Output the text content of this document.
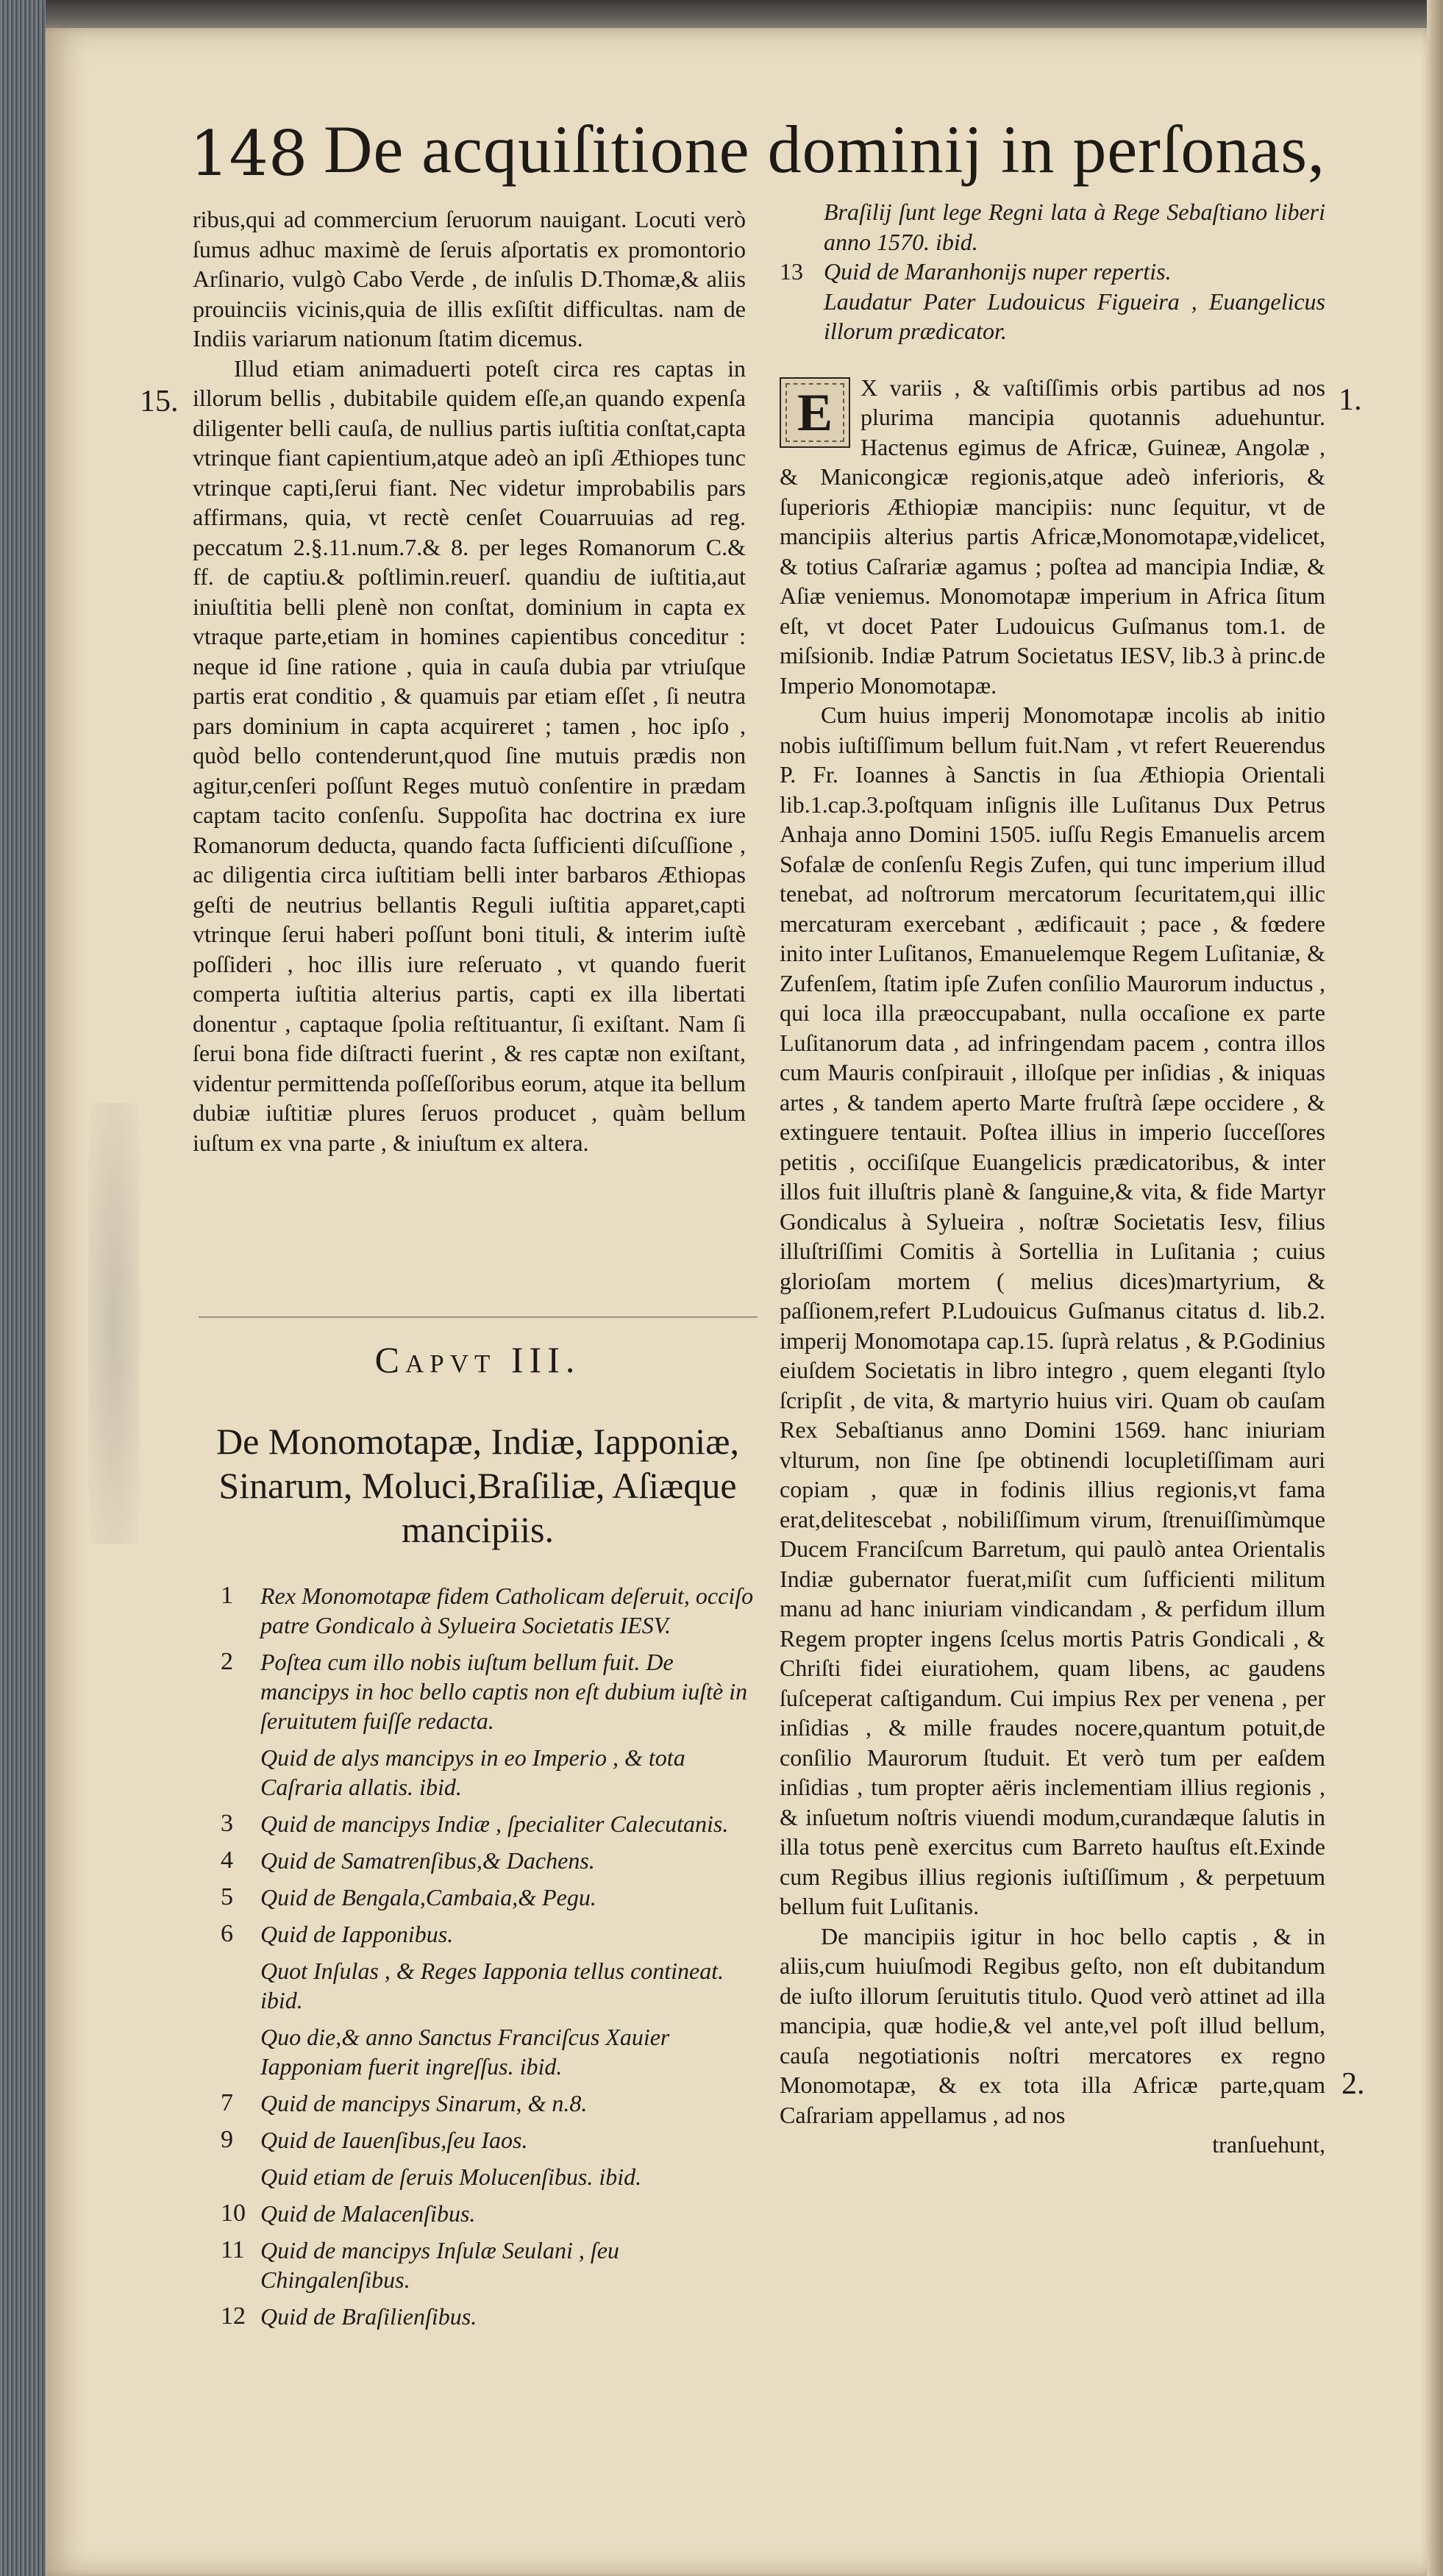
148 De acquiſitione dominij in perſonas,
15.

ribus,qui ad commercium ſeruorum nauigant. Locuti verò ſumus adhuc maximè de ſeruis aſportatis ex promontorio Arſinario, vulgò Cabo Verde , de inſulis D.Thomæ,& aliis prouinciis vicinis,quia de illis exſiſtit difficultas. nam de Indiis variarum nationum ſtatim dicemus.

Illud etiam animaduerti poteſt circa res captas in illorum bellis , dubitabile quidem eſſe,an quando expenſa diligenter belli cauſa, de nullius partis iuſtitia conſtat,capta vtrinque fiant capientium,atque adeò an ipſi Æthiopes tunc vtrinque capti,ſerui fiant. Nec videtur improbabilis pars affirmans, quia, vt rectè cenſet Couarruuias ad reg. peccatum 2.§.11.num.7.& 8. per leges Romanorum C.& ff. de captiu.& poſtlimin.reuerſ. quandiu de iuſtitia,aut iniuſtitia belli plenè non conſtat, dominium in capta ex vtraque parte,etiam in homines capientibus conceditur : neque id ſine ratione , quia in cauſa dubia par vtriuſque partis erat conditio , & quamuis par etiam eſſet , ſi neutra pars dominium in capta acquireret ; tamen , hoc ipſo , quòd bello contenderunt,quod ſine mutuis prædis non agitur,cenſeri poſſunt Reges mutuò conſentire in prædam captam tacito conſenſu. Suppoſita hac doctrina ex iure Romanorum deducta, quando facta ſufficienti diſcuſſione , ac diligentia circa iuſtitiam belli inter barbaros Æthiopas geſti de neutrius bellantis Reguli iuſtitia apparet,capti vtrinque ſerui haberi poſſunt boni tituli, & interim iuſtè poſſideri , hoc illis iure reſeruato , vt quando fuerit comperta iuſtitia alterius partis, capti ex illa libertati donentur , captaque ſpolia reſtituantur, ſi exiſtant. Nam ſi ſerui bona fide diſtracti fuerint , & res captæ non exiſtant, videntur permittenda poſſeſſoribus eorum, atque ita bellum dubiæ iuſtitiæ plures ſeruos producet , quàm bellum iuſtum ex vna parte , & iniuſtum ex altera.

Capvt III.
De Monomotapæ, Indiæ, Iapponiæ, Sinarum, Moluci,Braſiliæ, Aſiæque mancipiis.
1 Rex Monomotapæ fidem Catholicam deſeruit, occiſo patre Gondicalo à Sylueira Societatis IESV.
2 Poſtea cum illo nobis iuſtum bellum fuit. De mancipys in hoc bello captis non eſt dubium iuſtè in ſeruitutem fuiſſe redacta.
Quid de alys mancipys in eo Imperio , & tota Caſraria allatis. ibid.
3 Quid de mancipys Indiæ , ſpecialiter Calecutanis.
4 Quid de Samatrenſibus,& Dachens.
5 Quid de Bengala,Cambaia,& Pegu.
6 Quid de Iapponibus.
Quot Inſulas , & Reges Iapponia tellus contineat. ibid.
Quo die,& anno Sanctus Franciſcus Xauier Iapponiam fuerit ingreſſus. ibid.
7 Quid de mancipys Sinarum, & n.8.
9 Quid de Iauenſibus,ſeu Iaos.
Quid etiam de ſeruis Molucenſibus. ibid.
10 Quid de Malacenſibus.
11 Quid de mancipys Inſulæ Seulani , ſeu Chingalenſibus.
12 Quid de Braſilienſibus.
1.
2.

Braſilij ſunt lege Regni lata à Rege Sebaſtiano liberi anno 1570. ibid.

13 Quid de Maranhonijs nuper repertis.

Laudatur Pater Ludouicus Figueira , Euangelicus illorum prædicator.

E	X variis , & vaſtiſſimis orbis partibus ad nos plurima mancipia quotannis aduehuntur. Hactenus egimus de Africæ, Guineæ, Angolæ , & Manicongicæ regionis,atque adeò inferioris, & ſuperioris Æthiopiæ mancipiis: nunc ſequitur, vt de mancipiis alterius partis Africæ,Monomotapæ,videlicet, & totius Caſrariæ agamus ; poſtea ad mancipia Indiæ, & Aſiæ veniemus. Monomotapæ imperium in Africa ſitum eſt, vt docet Pater Ludouicus Guſmanus tom.1. de miſsionib. Indiæ Patrum Societatus IESV, lib.3 à princ.de Imperio Monomotapæ.

Cum huius imperij Monomotapæ incolis ab initio nobis iuſtiſſimum bellum fuit.Nam , vt refert Reuerendus P. Fr. Ioannes à Sanctis in ſua Æthiopia Orientali lib.1.cap.3.poſtquam inſignis ille Luſitanus Dux Petrus Anhaja anno Domini 1505. iuſſu Regis Emanuelis arcem Sofalæ de conſenſu Regis Zufen, qui tunc imperium illud tenebat, ad noſtrorum mercatorum ſecuritatem,qui illic mercaturam exercebant , ædificauit ; pace , & fœdere inito inter Luſitanos, Emanuelemque Regem Luſitaniæ, & Zufenſem, ſtatim ipſe Zufen conſilio Maurorum inductus , qui loca illa præoccupabant, nulla occaſione ex parte Luſitanorum data , ad infringendam pacem , contra illos cum Mauris conſpirauit , illoſque per inſidias , & iniquas artes , & tandem aperto Marte fruſtrà ſæpe occidere , & extinguere tentauit. Poſtea illius in imperio ſucceſſores petitis , occiſiſque Euangelicis prædicatoribus, & inter illos fuit illuſtris planè & ſanguine,& vita, & fide Martyr Gondicalus à Sylueira , noſtræ Societatis Iesv, filius illuſtriſſimi Comitis à Sortellia in Luſitania ; cuius glorioſam mortem ( melius dices)martyrium, & paſſionem,refert P.Ludouicus Guſmanus citatus d. lib.2. imperij Monomotapa cap.15. ſuprà relatus , & P.Godinius eiuſdem Societatis in libro integro , quem eleganti ſtylo ſcripſit , de vita, & martyrio huius viri. Quam ob cauſam Rex Sebaſtianus anno Domini 1569. hanc iniuriam vlturum, non ſine ſpe obtinendi locupletiſſimam auri copiam , quæ in fodinis illius regionis,vt fama erat,delitescebat , nobiliſſimum virum, ſtrenuiſſimùmque Ducem Franciſcum Barretum, qui paulò antea Orientalis Indiæ gubernator fuerat,miſit cum ſufficienti militum manu ad hanc iniuriam vindicandam , & perfidum illum Regem propter ingens ſcelus mortis Patris Gondicali , & Chriſti fidei eiuratiohem, quam libens, ac gaudens ſuſceperat caſtigandum. Cui impius Rex per venena , per inſidias , & mille fraudes nocere,quantum potuit,de conſilio Maurorum ſtuduit. Et verò tum per eaſdem inſidias , tum propter aëris inclementiam illius regionis , & inſuetum noſtris viuendi modum,curandæque ſalutis in illa totus penè exercitus cum Barreto hauſtus eſt.Exinde cum Regibus illius regionis iuſtiſſimum , & perpetuum bellum fuit Luſitanis.

De mancipiis igitur in hoc bello captis , & in aliis,cum huiuſmodi Regibus geſto, non eſt dubitandum de iuſto illorum ſeruitutis titulo. Quod verò attinet ad illa mancipia, quæ hodie,& vel ante,vel poſt illud bellum, cauſa negotiationis noſtri mercatores ex regno Monomotapæ, & ex tota illa Africæ parte,quam Caſrariam appellamus , ad nos

tranſuehunt,
